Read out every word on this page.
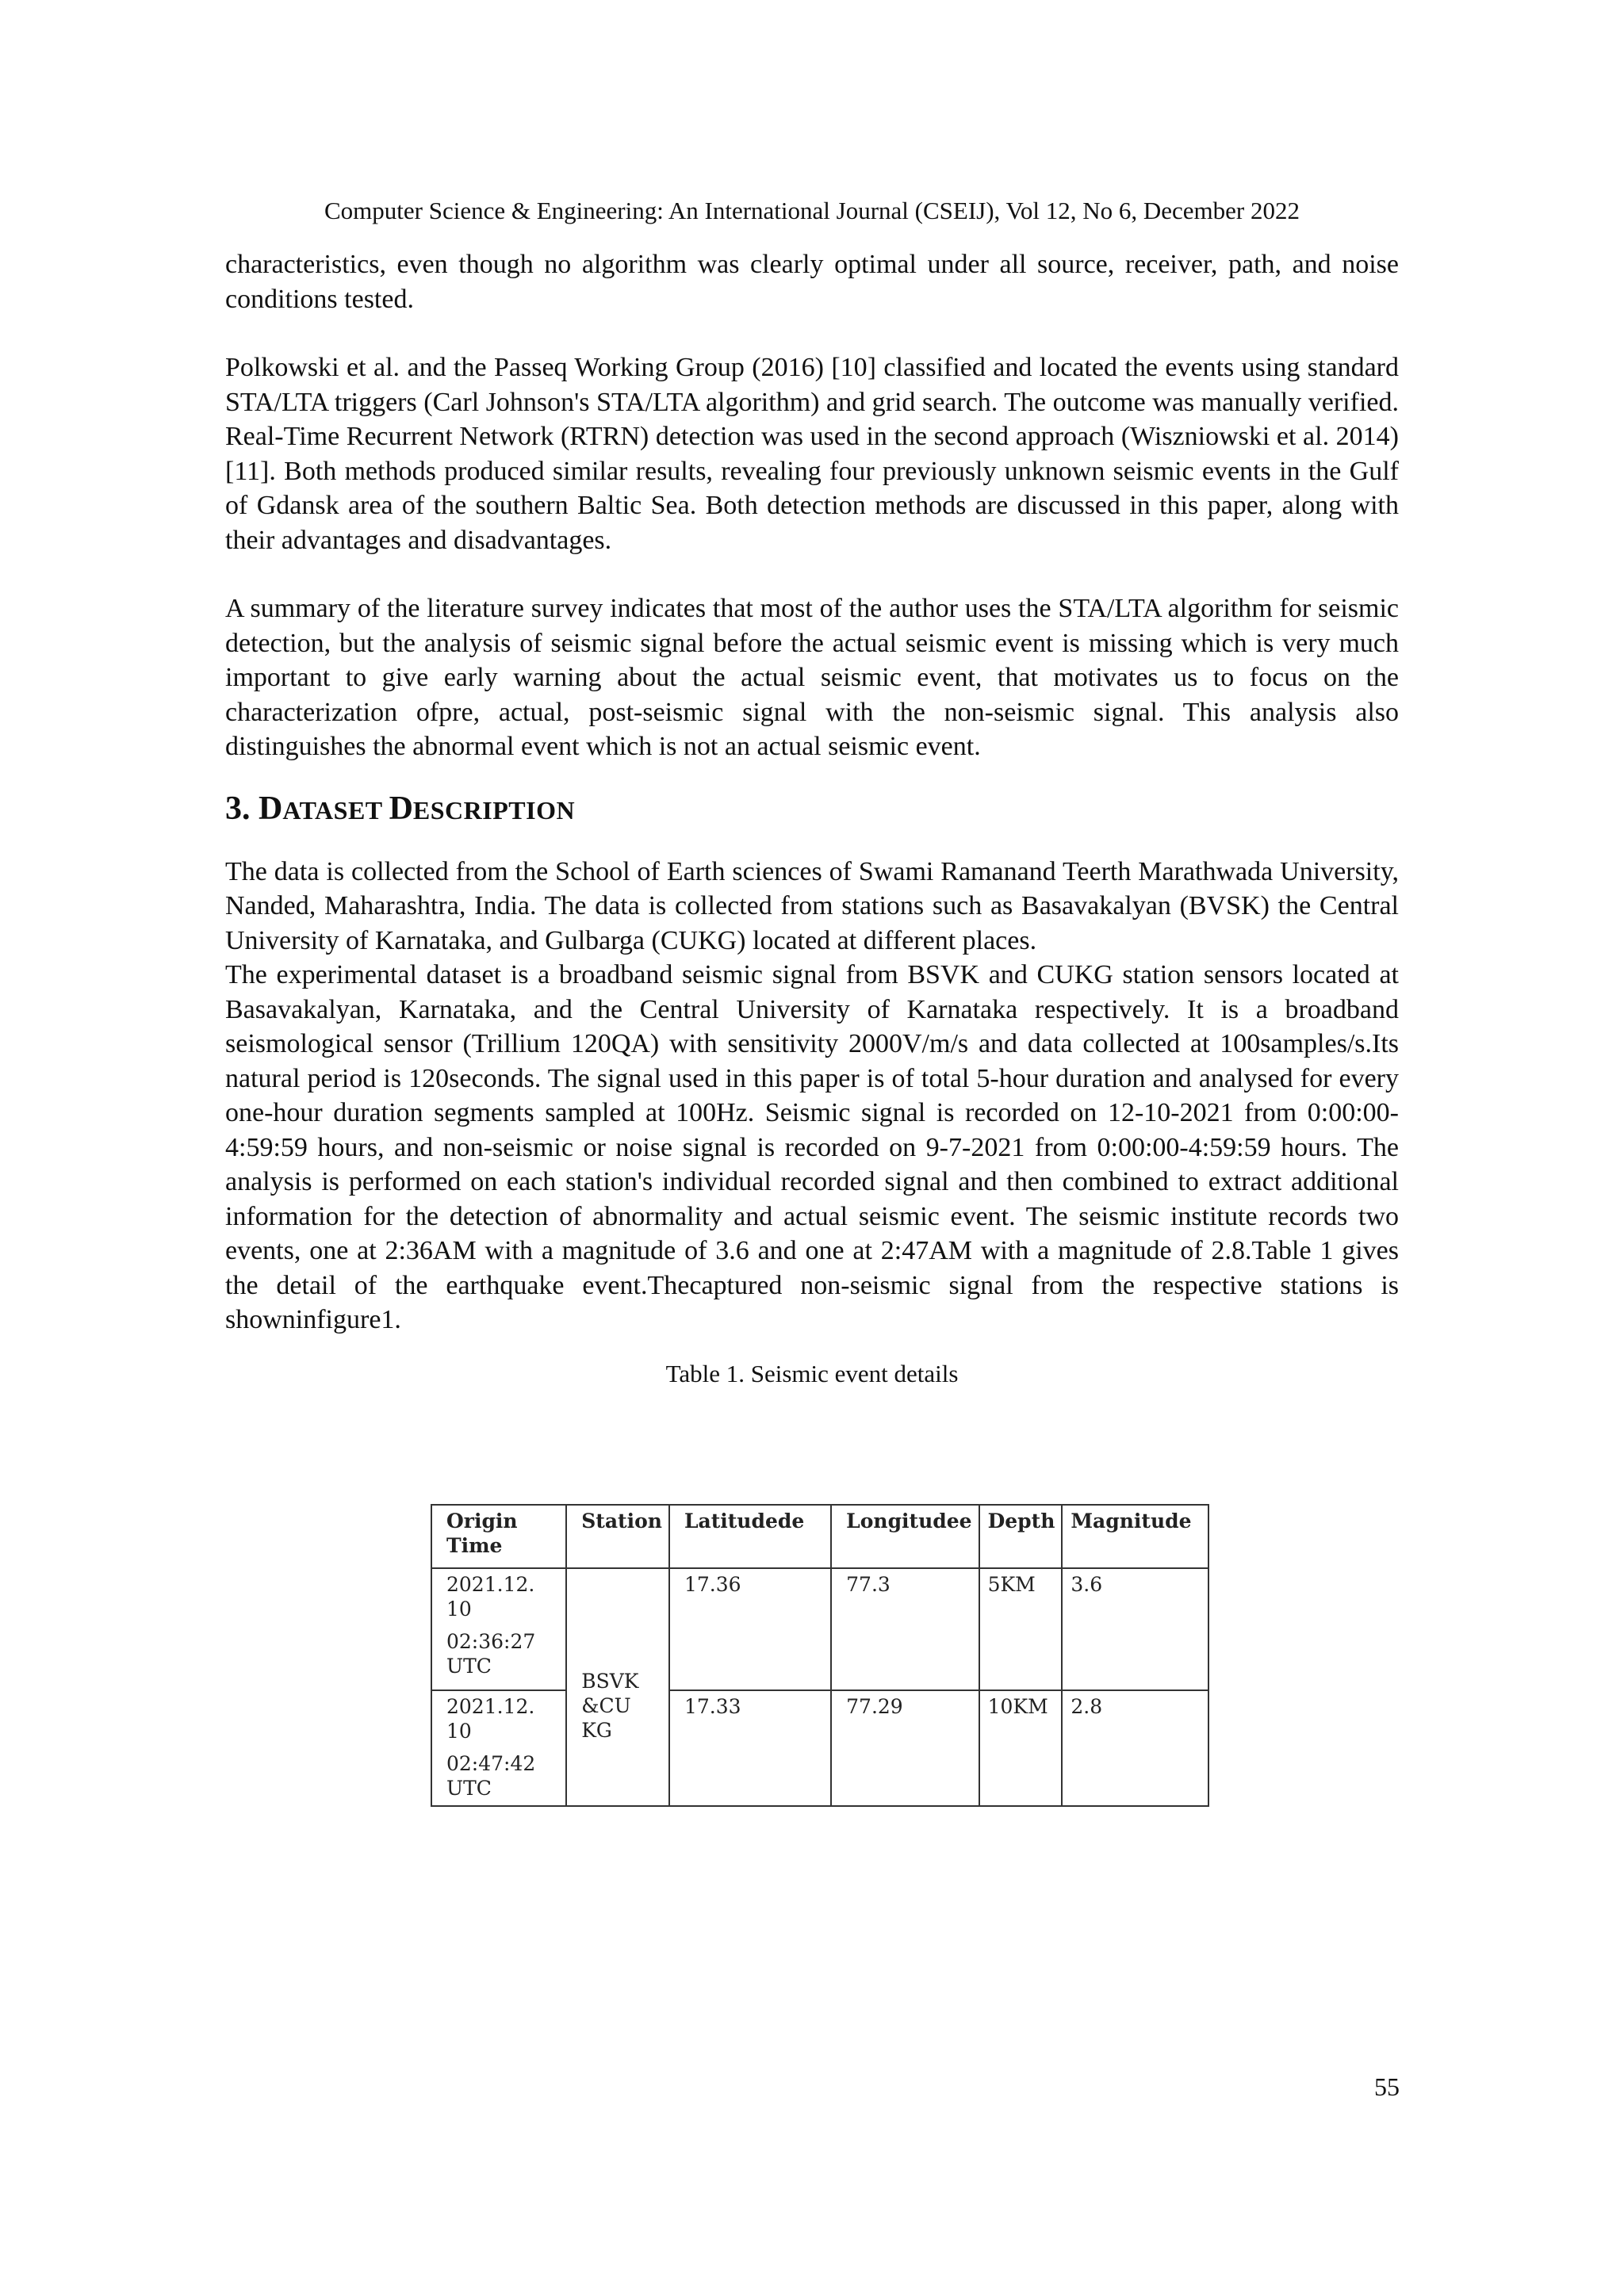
Computer Science & Engineering: An International Journal (CSEIJ), Vol 12, No 6, December 2022

characteristics, even though no algorithm was clearly optimal under all source, receiver, path, and noise conditions tested.

Polkowski et al. and the Passeq Working Group (2016) [10] classified and located the events using standard STA/LTA triggers (Carl Johnson's STA/LTA algorithm) and grid search. The outcome was manually verified. Real-Time Recurrent Network (RTRN) detection was used in the second approach (Wiszniowski et al. 2014) [11]. Both methods produced similar results, revealing four previously unknown seismic events in the Gulf of Gdansk area of the southern Baltic Sea. Both detection methods are discussed in this paper, along with their advantages and disadvantages.

A summary of the literature survey indicates that most of the author uses the STA/LTA algorithm for seismic detection, but the analysis of seismic signal before the actual seismic event is missing which is very much important to give early warning about the actual seismic event, that motivates us to focus on the characterization ofpre, actual, post-seismic signal with the non-seismic signal. This analysis also distinguishes the abnormal event which is not an actual seismic event.

3. DATASET DESCRIPTION

The data is collected from the School of Earth sciences of Swami Ramanand Teerth Marathwada University, Nanded, Maharashtra, India. The data is collected from stations such as Basavakalyan (BVSK) the Central University of Karnataka, and Gulbarga (CUKG) located at different places.

The experimental dataset is a broadband seismic signal from BSVK and CUKG station sensors located at Basavakalyan, Karnataka, and the Central University of Karnataka respectively. It is a broadband seismological sensor (Trillium 120QA) with sensitivity 2000V/m/s and data collected at 100samples/s.Its natural period is 120seconds. The signal used in this paper is of total 5-hour duration and analysed for every one-hour duration segments sampled at 100Hz. Seismic signal is recorded on 12-10-2021 from 0:00:00-4:59:59 hours, and non-seismic or noise signal is recorded on 9-7-2021 from 0:00:00-4:59:59 hours. The analysis is performed on each station's individual recorded signal and then combined to extract additional information for the detection of abnormality and actual seismic event. The seismic institute records two events, one at 2:36AM with a magnitude of 3.6 and one at 2:47AM with a magnitude of 2.8.Table 1 gives the detail of the earthquake event.Thecaptured non-seismic signal from the respective stations is showninfigure1.

Table 1. Seismic event details

Origin
Time	Station	Latitudede	Longitudee	Depth	Magnitude

2021.12.
10
02:36:27
UTC	BSVK
&CU
KG	17.36	77.3	5KM	3.6

2021.12.
10
02:47:42
UTC		17.33	77.29	10KM	2.8
55
